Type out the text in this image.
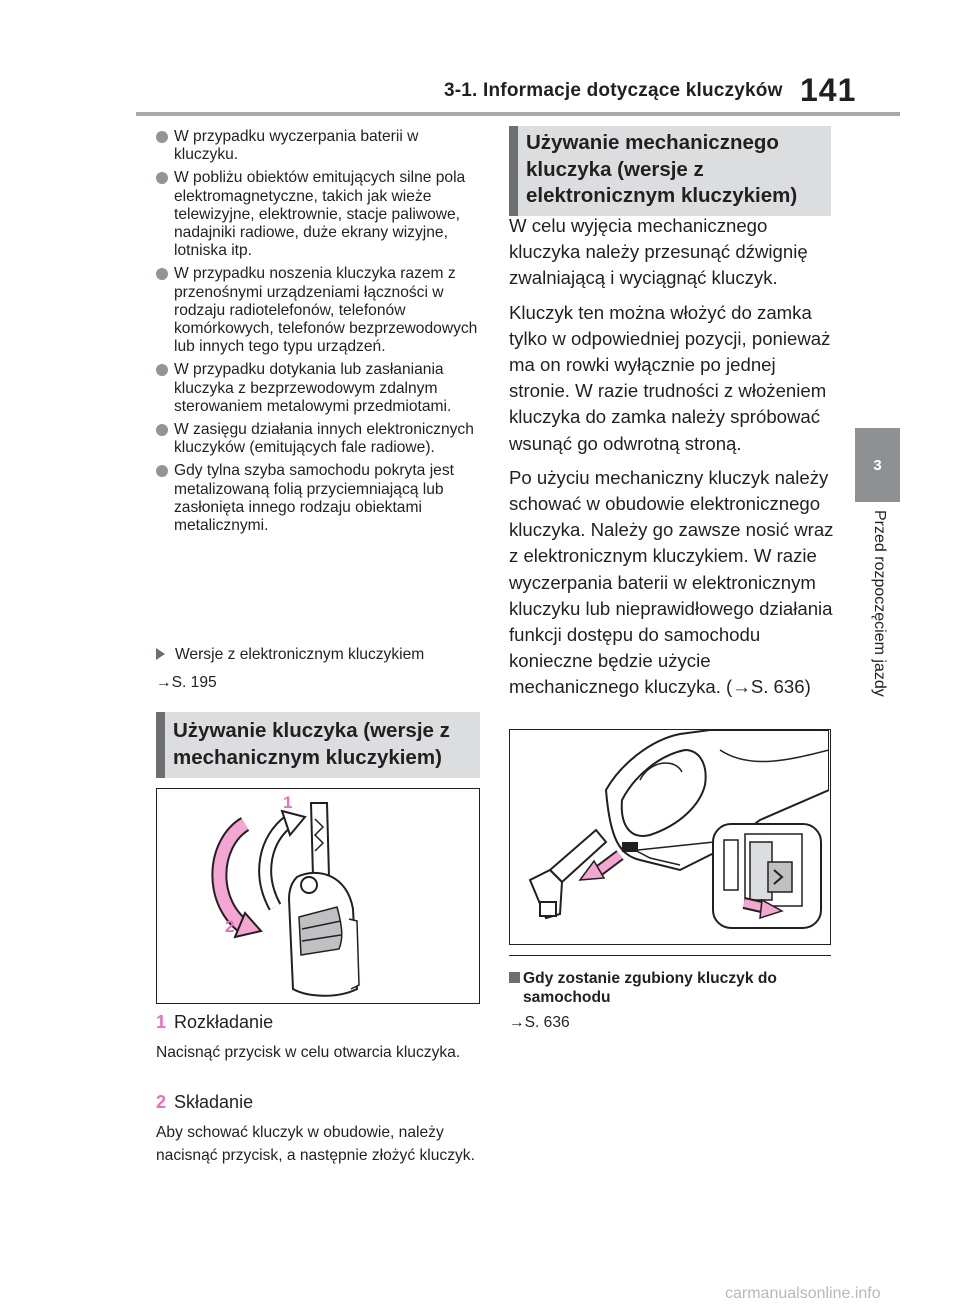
3-1. Informacje dotyczące kluczyków 141
3
Przed rozpoczęciem jazdy
W przypadku wyczerpania baterii w kluczyku.
W pobliżu obiektów emitujących silne pola elektromagnetyczne, takich jak wieże telewizyjne, elektrownie, stacje paliwowe, nadajniki radiowe, duże ekrany wizyjne, lotniska itp.
W przypadku noszenia kluczyka razem z przenośnymi urządzeniami łączności w rodzaju radiotelefonów, telefonów komórkowych, telefonów bezprzewodowych lub innych tego typu urządzeń.
W przypadku dotykania lub zasłaniania kluczyka z bezprzewodowym zdalnym sterowaniem metalowymi przedmiotami.
W zasięgu działania innych elektronicznych kluczyków (emitujących fale radiowe).
Gdy tylna szyba samochodu pokryta jest metalizowaną folią przyciemniającą lub zasłonięta innego rodzaju obiektami metalicznymi.
Wersje z elektronicznym kluczykiem
→S. 195
Używanie kluczyka (wersje z mechanicznym kluczykiem)
1
2
1 Rozkładanie
Nacisnąć przycisk w celu otwarcia kluczyka.
2 Składanie
Aby schować kluczyk w obudowie, należy nacisnąć przycisk, a następnie złożyć kluczyk.
Używanie mechanicznego kluczyka (wersje z elektronicznym kluczykiem)

W celu wyjęcia mechanicznego kluczyka należy przesunąć dźwignię zwalniającą i wyciągnąć kluczyk.

Kluczyk ten można włożyć do zamka tylko w odpowiedniej pozycji, ponieważ ma on rowki wyłącznie po jednej stronie. W razie trudności z włożeniem kluczyka do zamka należy spróbować wsunąć go odwrotną stroną.

Po użyciu mechaniczny kluczyk należy schować w obudowie elektronicznego kluczyka. Należy go zawsze nosić wraz z elektronicznym kluczykiem. W razie wyczerpania baterii w elektronicznym kluczyku lub nieprawidłowego działania funkcji dostępu do samochodu konieczne będzie użycie mechanicznego kluczyka. (→S. 636)

Gdy zostanie zgubiony kluczyk do samochodu
→S. 636
carmanualsonline.info
